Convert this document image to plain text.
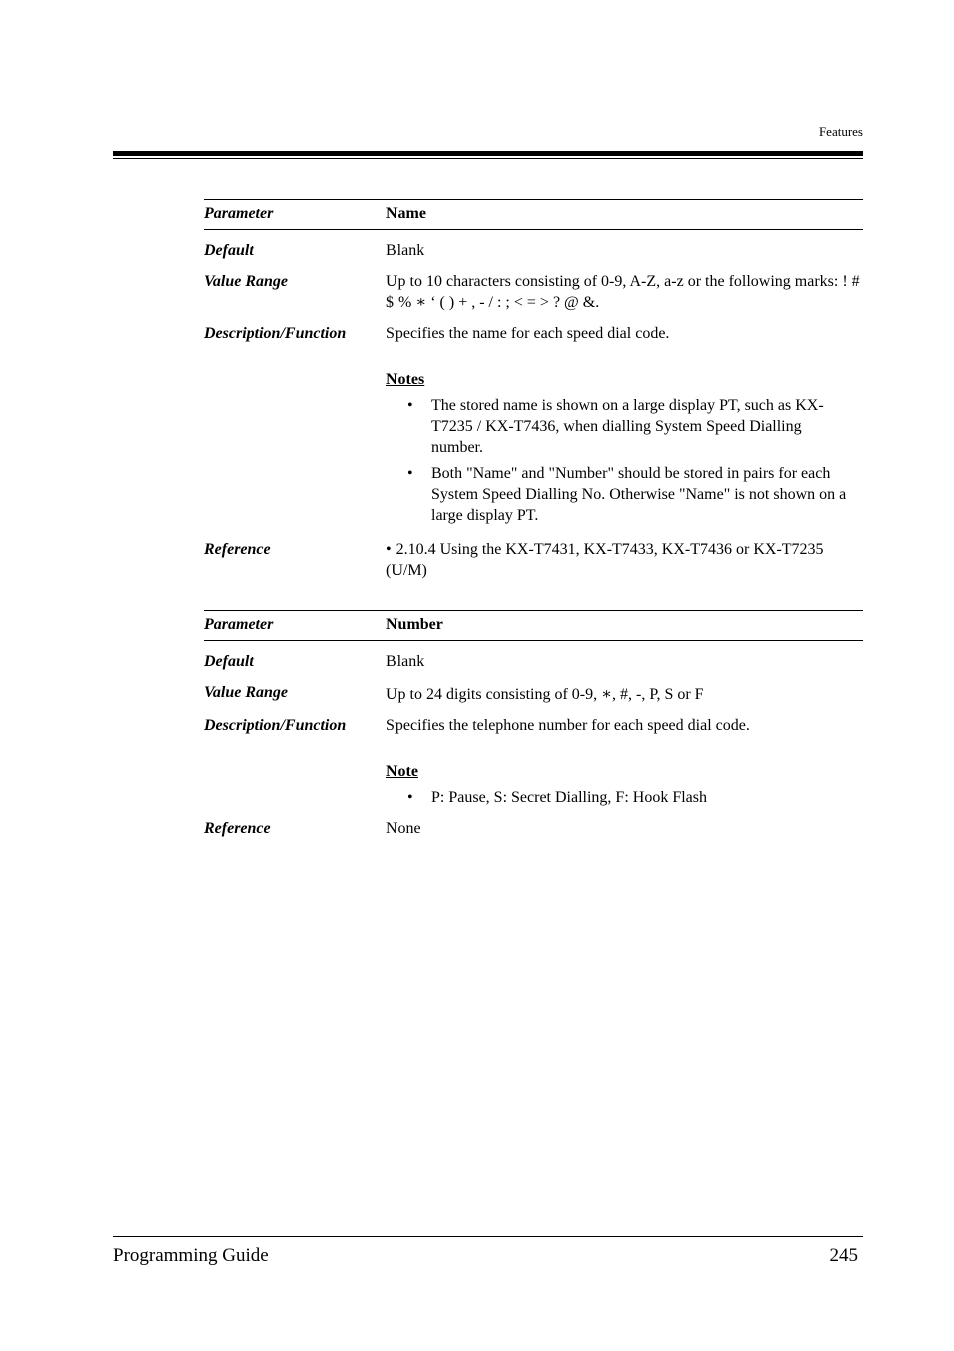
Features
Parameter	Name
Default	Blank
Value Range	Up to 10 characters consisting of 0-9, A-Z, a-z or the following marks: ! # $ % ∗ ‘ ( ) + , - / : ; < = > ? @ &.
Description/Function	Specifies the name for each speed dial code.
Notes
• The stored name is shown on a large display PT, such as KX-T7235 / KX-T7436, when dialling System Speed Dialling number.
• Both "Name" and "Number" should be stored in pairs for each System Speed Dialling No. Otherwise "Name" is not shown on a large display PT.
Reference	• 2.10.4 Using the KX-T7431, KX-T7433, KX-T7436 or KX-T7235 (U/M)
Parameter	Number
Default	Blank
Value Range	Up to 24 digits consisting of 0-9, ∗, #, -, P, S or F
Description/Function	Specifies the telephone number for each speed dial code.
Note
• P: Pause, S: Secret Dialling, F: Hook Flash
Reference	None
Programming Guide	245
